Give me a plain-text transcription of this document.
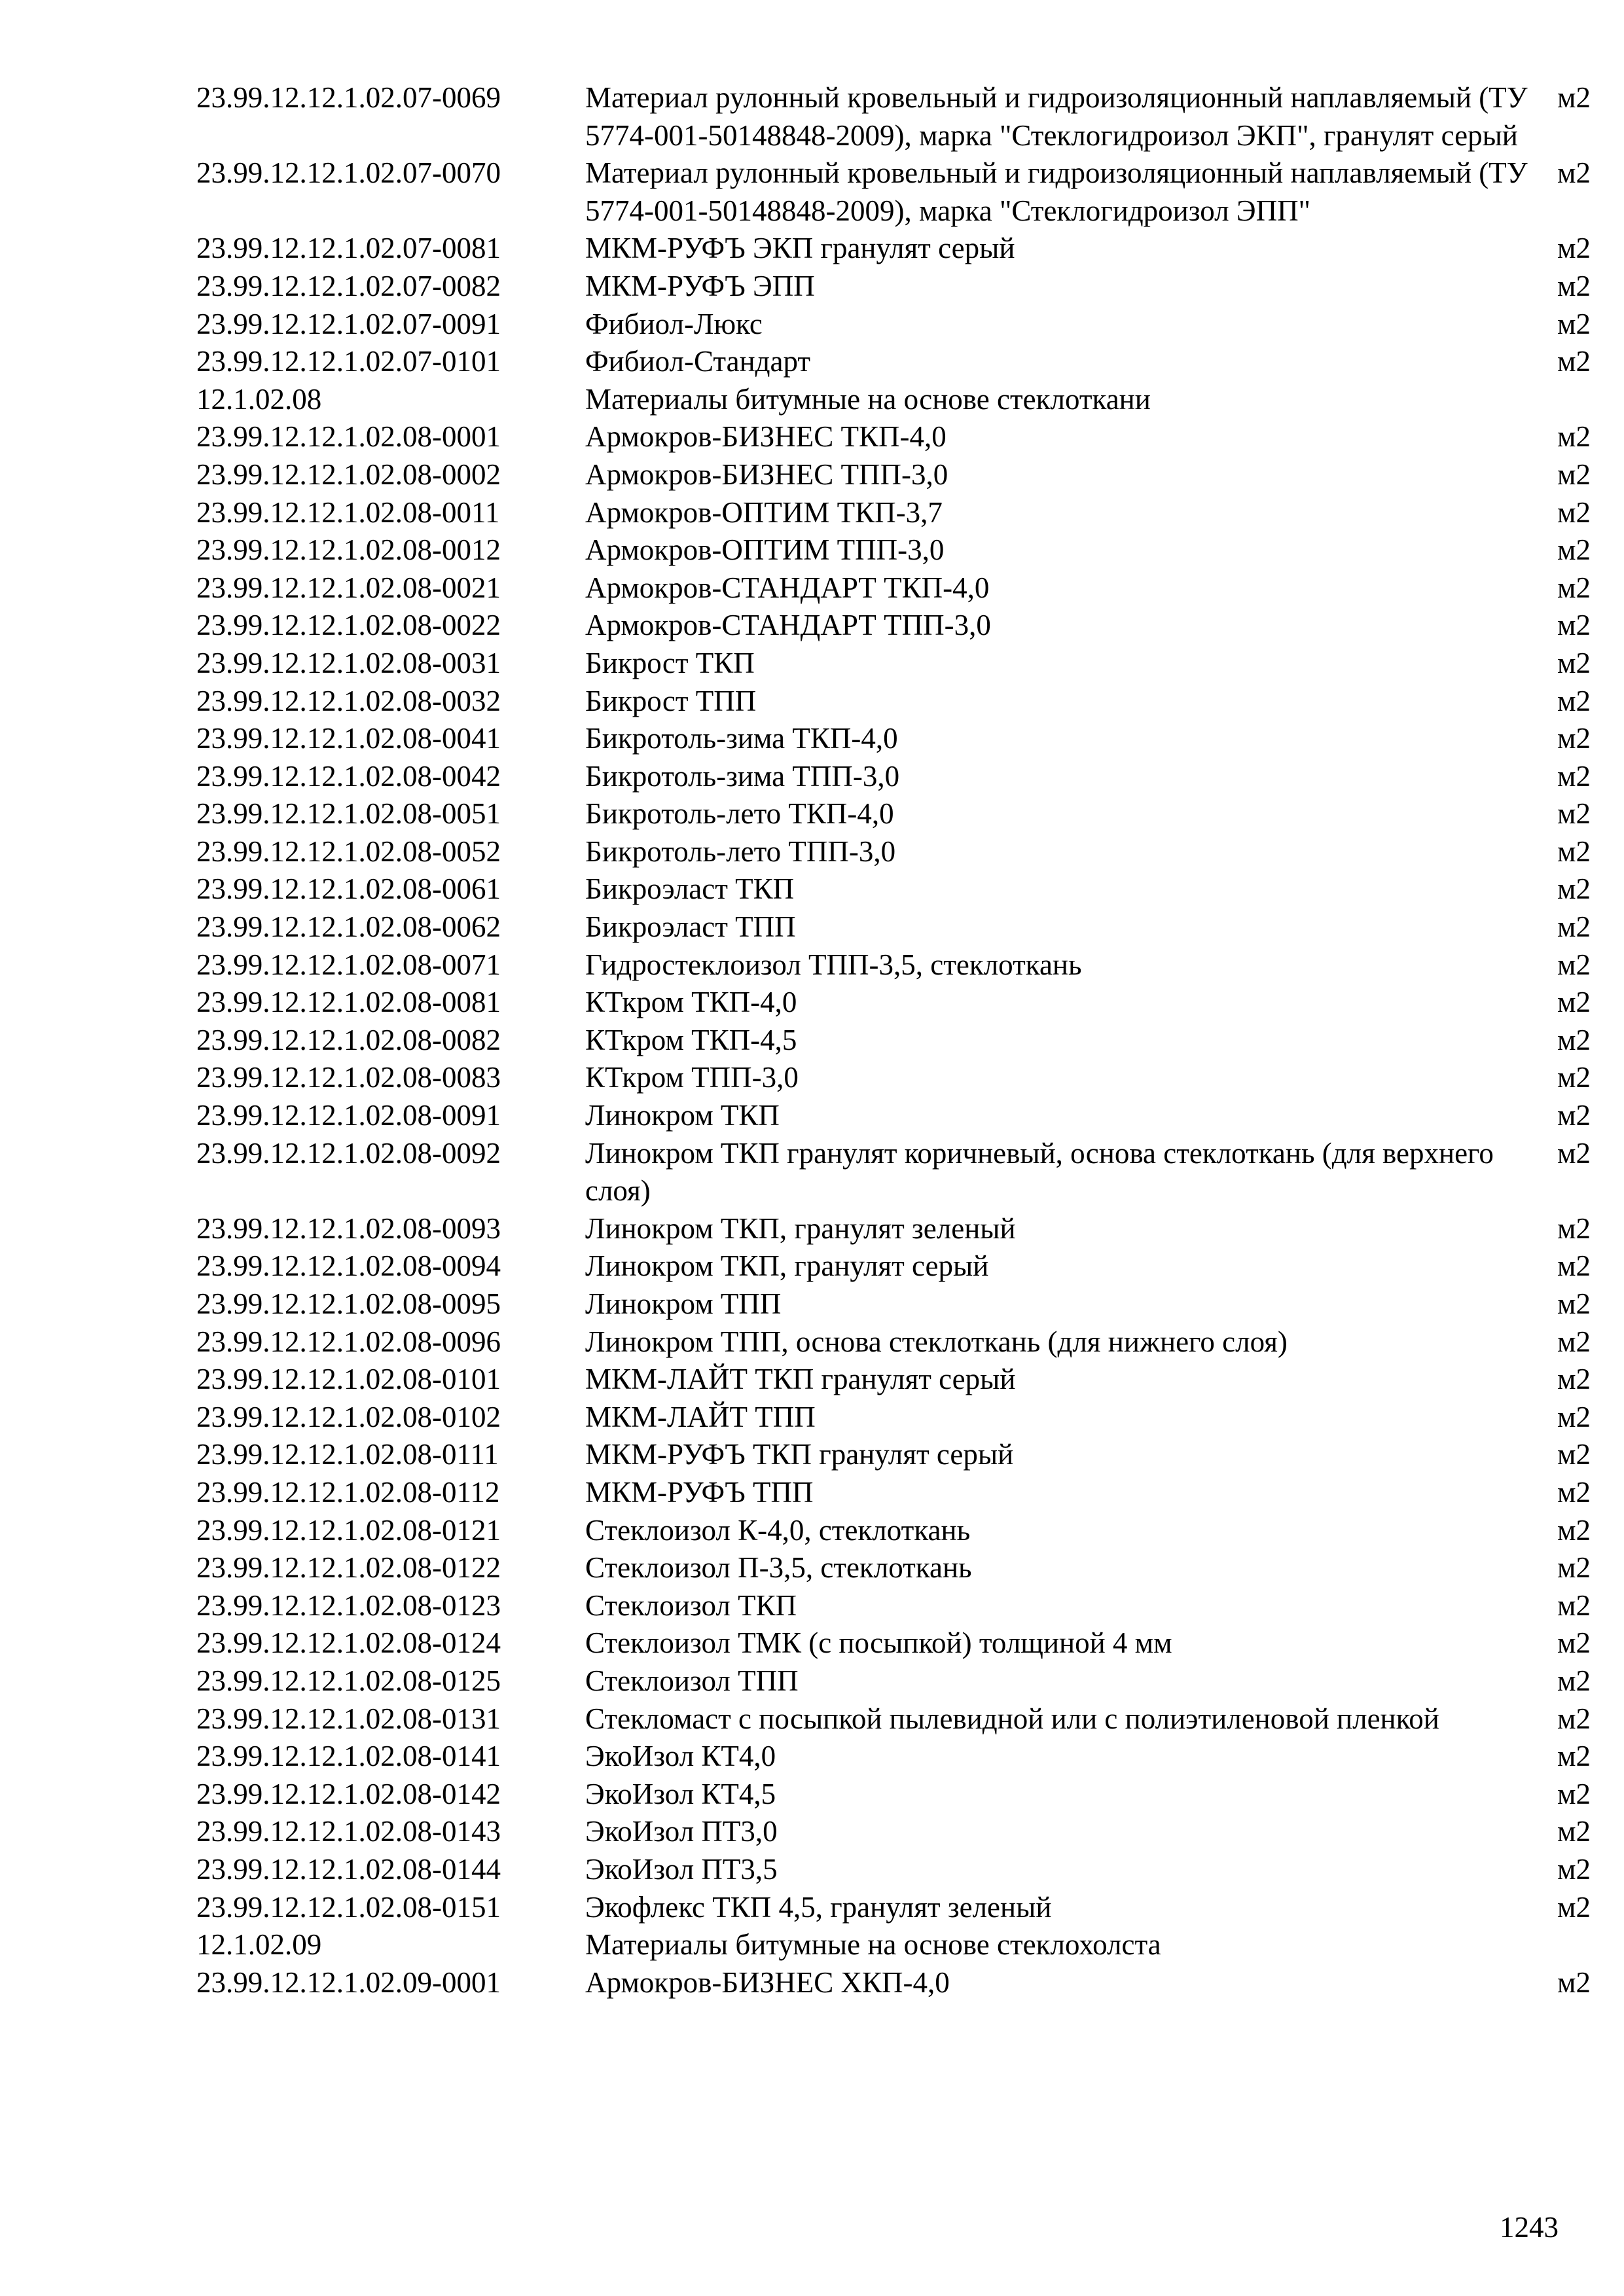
23.99.12.12.1.02.07-0069	Материал рулонный кровельный и гидроизоляционный наплавляемый (ТУ 5774-001-50148848-2009), марка "Стеклогидроизол ЭКП", гранулят серый	м2
23.99.12.12.1.02.07-0070	Материал рулонный кровельный и гидроизоляционный наплавляемый (ТУ 5774-001-50148848-2009), марка "Стеклогидроизол ЭПП"	м2
23.99.12.12.1.02.07-0081	МКМ-РУФЪ ЭКП гранулят серый	м2
23.99.12.12.1.02.07-0082	МКМ-РУФЪ ЭПП	м2
23.99.12.12.1.02.07-0091	Фибиол-Люкс	м2
23.99.12.12.1.02.07-0101	Фибиол-Стандарт	м2
12.1.02.08	Материалы битумные на основе стеклоткани	
23.99.12.12.1.02.08-0001	Армокров-БИЗНЕС ТКП-4,0	м2
23.99.12.12.1.02.08-0002	Армокров-БИЗНЕС ТПП-3,0	м2
23.99.12.12.1.02.08-0011	Армокров-ОПТИМ ТКП-3,7	м2
23.99.12.12.1.02.08-0012	Армокров-ОПТИМ ТПП-3,0	м2
23.99.12.12.1.02.08-0021	Армокров-СТАНДАРТ ТКП-4,0	м2
23.99.12.12.1.02.08-0022	Армокров-СТАНДАРТ ТПП-3,0	м2
23.99.12.12.1.02.08-0031	Бикрост ТКП	м2
23.99.12.12.1.02.08-0032	Бикрост ТПП	м2
23.99.12.12.1.02.08-0041	Бикротоль-зима ТКП-4,0	м2
23.99.12.12.1.02.08-0042	Бикротоль-зима ТПП-3,0	м2
23.99.12.12.1.02.08-0051	Бикротоль-лето ТКП-4,0	м2
23.99.12.12.1.02.08-0052	Бикротоль-лето ТПП-3,0	м2
23.99.12.12.1.02.08-0061	Бикроэласт ТКП	м2
23.99.12.12.1.02.08-0062	Бикроэласт ТПП	м2
23.99.12.12.1.02.08-0071	Гидростеклоизол ТПП-3,5, стеклоткань	м2
23.99.12.12.1.02.08-0081	КТкром ТКП-4,0	м2
23.99.12.12.1.02.08-0082	КТкром ТКП-4,5	м2
23.99.12.12.1.02.08-0083	КТкром ТПП-3,0	м2
23.99.12.12.1.02.08-0091	Линокром ТКП	м2
23.99.12.12.1.02.08-0092	Линокром ТКП гранулят коричневый, основа стеклоткань (для верхнего слоя)	м2
23.99.12.12.1.02.08-0093	Линокром ТКП, гранулят зеленый	м2
23.99.12.12.1.02.08-0094	Линокром ТКП, гранулят серый	м2
23.99.12.12.1.02.08-0095	Линокром ТПП	м2
23.99.12.12.1.02.08-0096	Линокром ТПП, основа стеклоткань (для нижнего слоя)	м2
23.99.12.12.1.02.08-0101	МКМ-ЛАЙТ ТКП гранулят серый	м2
23.99.12.12.1.02.08-0102	МКМ-ЛАЙТ ТПП	м2
23.99.12.12.1.02.08-0111	МКМ-РУФЪ ТКП гранулят серый	м2
23.99.12.12.1.02.08-0112	МКМ-РУФЪ ТПП	м2
23.99.12.12.1.02.08-0121	Стеклоизол К-4,0, стеклоткань	м2
23.99.12.12.1.02.08-0122	Стеклоизол П-3,5, стеклоткань	м2
23.99.12.12.1.02.08-0123	Стеклоизол ТКП	м2
23.99.12.12.1.02.08-0124	Стеклоизол ТМК (с посыпкой) толщиной 4 мм	м2
23.99.12.12.1.02.08-0125	Стеклоизол ТПП	м2
23.99.12.12.1.02.08-0131	Стекломаст с посыпкой пылевидной или с полиэтиленовой пленкой	м2
23.99.12.12.1.02.08-0141	ЭкоИзол КТ4,0	м2
23.99.12.12.1.02.08-0142	ЭкоИзол КТ4,5	м2
23.99.12.12.1.02.08-0143	ЭкоИзол ПТ3,0	м2
23.99.12.12.1.02.08-0144	ЭкоИзол ПТ3,5	м2
23.99.12.12.1.02.08-0151	Экофлекс ТКП 4,5, гранулят зеленый	м2
12.1.02.09	Материалы битумные на основе стеклохолста	
23.99.12.12.1.02.09-0001	Армокров-БИЗНЕС ХКП-4,0	м2
1243
